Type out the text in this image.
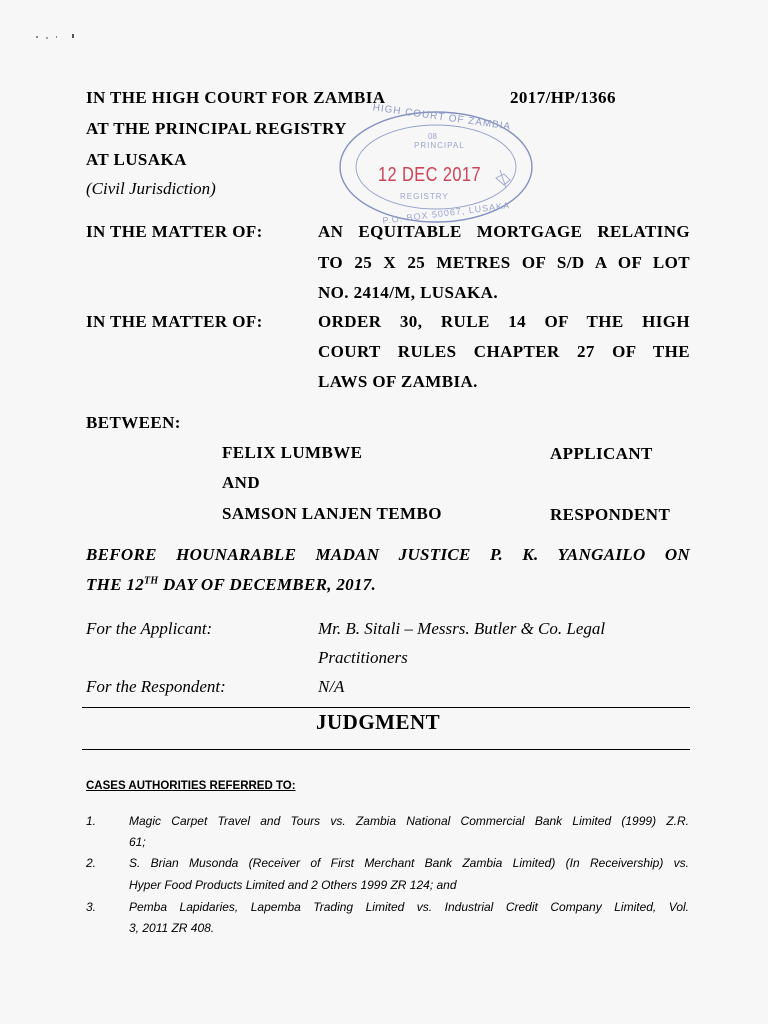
IN THE HIGH COURT FOR ZAMBIA	2017/HP/1366
AT THE PRINCIPAL REGISTRY
AT LUSAKA
(Civil Jurisdiction)
HIGH COURT OF ZAMBIA
08
PRINCIPAL
12 DEC 2017
REGISTRY
P.O. BOX 50067, LUSAKA
IN THE MATTER OF:	AN EQUITABLE MORTGAGE RELATING
TO 25 X 25 METRES OF S/D A OF LOT
NO. 2414/M, LUSAKA.
IN THE MATTER OF:	ORDER 30, RULE 14 OF THE HIGH
COURT RULES CHAPTER 27 OF THE
LAWS OF ZAMBIA.
BETWEEN:
FELIX LUMBWE	APPLICANT
AND
SAMSON LANJEN TEMBO	RESPONDENT
BEFORE HOUNARABLE MADAN JUSTICE P. K. YANGAILO ON
THE 12TH DAY OF DECEMBER, 2017.
For the Applicant:	Mr. B. Sitali – Messrs. Butler & Co. Legal
Practitioners
For the Respondent:	N/A
JUDGMENT
CASES AUTHORITIES REFERRED TO:
1.	Magic Carpet Travel and Tours vs. Zambia National Commercial Bank Limited (1999) Z.R.
61;
2.	S. Brian Musonda (Receiver of First Merchant Bank Zambia Limited) (In Receivership) vs.
Hyper Food Products Limited and 2 Others 1999 ZR 124; and
3.	Pemba Lapidaries, Lapemba Trading Limited vs. Industrial Credit Company Limited, Vol.
3, 2011 ZR 408.
